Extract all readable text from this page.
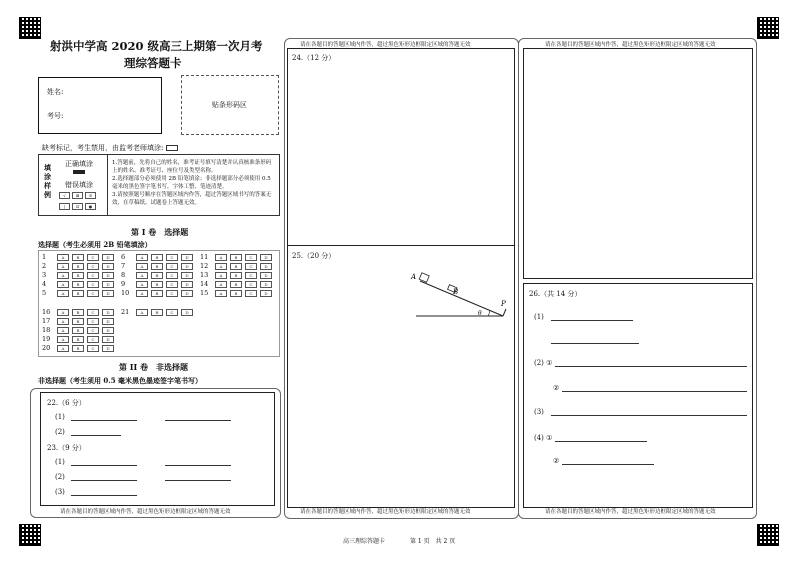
射洪中学高 2020 级高三上期第一次月考
理综答题卡
姓名:
考号:
贴条形码区
缺考标记，考生禁用，由监考老师填涂:
填涂样例
正确填涂
错误填涂
√	⊠	⊘
|	⊡	●
1.答题前，先将自己的姓名，准考证号填写清楚并认真核准条形码上的姓名、准考证号、座位号及类型名称。
2.选择题部分必须使用 2B 铅笔填涂；非选择题部分必须使用 0.5 毫米的黑色签字笔书写，字体工整、笔迹清楚。
3.请按照题号顺序在答题区域内作答，超过答题区域书写的答案无效，在草稿纸、试题卷上答题无效。
第 I 卷　选择题
选择题（考生必须用 2B 铅笔填涂）
1	A	B	C	D
2	A	B	C	D
3	A	B	C	D
4	A	B	C	D
5	A	B	C	D
6	A	B	C	D
7	A	B	C	D
8	A	B	C	D
9	A	B	C	D
10	A	B	C	D
11	A	B	C	D
12	A	B	C	D
13	A	B	C	D
14	A	B	C	D
15	A	B	C	D
16	A	B	C	D
17	A	B	C	D
18	A	B	C	D
19	A	B	C	D
20	A	B	C	D
21	A	B	C	D
第 II 卷　非选择题
非选择题（考生须用 0.5 毫米黑色墨迹签字笔书写）
22.（6 分）
(1)
(2)
23.（9 分）
(1)
(2)
(3)
请在各题目的答题区域内作答，超过黑色矩形边框限定区域的答题无效
请在各题目的答题区域内作答，超过黑色矩形边框限定区域的答题无效
24.（12 分）
25.（20 分）
A
B
P
θ
请在各题目的答题区域内作答，超过黑色矩形边框限定区域的答题无效
请在各题目的答题区域内作答，超过黑色矩形边框限定区域的答题无效
26.（共 14 分）
(1)
(2) ①
②
(3)
(4) ①
②
请在各题目的答题区域内作答，超过黑色矩形边框限定区域的答题无效
高三理综答题卡	第 1 页　共 2 页
